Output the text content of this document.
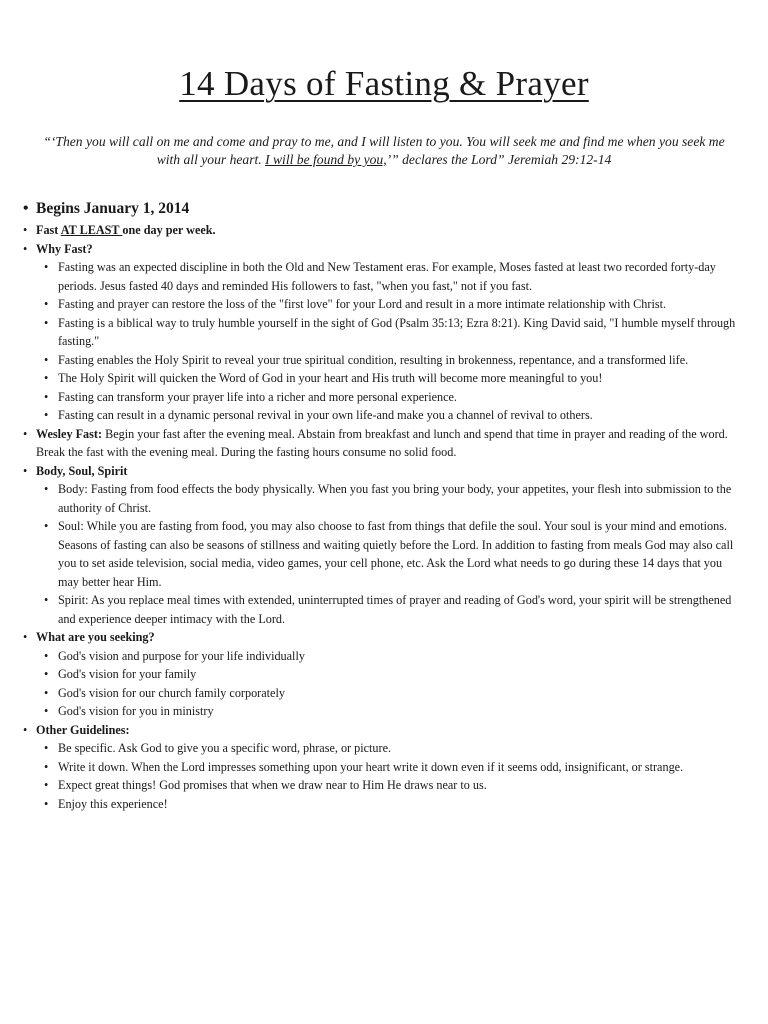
14 Days of Fasting & Prayer
“‘Then you will call on me and come and pray to me, and I will listen to you. You will seek me and find me when you seek me with all your heart. I will be found by you,’” declares the Lord” Jeremiah 29:12-14
• Begins January 1, 2014
• Fast AT LEAST one day per week.
• Why Fast?
• Fasting was an expected discipline in both the Old and New Testament eras. For example, Moses fasted at least two recorded forty-day periods. Jesus fasted 40 days and reminded His followers to fast, "when you fast," not if you fast.
• Fasting and prayer can restore the loss of the "first love" for your Lord and result in a more intimate relationship with Christ.
• Fasting is a biblical way to truly humble yourself in the sight of God (Psalm 35:13; Ezra 8:21). King David said, "I humble myself through fasting."
• Fasting enables the Holy Spirit to reveal your true spiritual condition, resulting in brokenness, repentance, and a transformed life.
• The Holy Spirit will quicken the Word of God in your heart and His truth will become more meaningful to you!
• Fasting can transform your prayer life into a richer and more personal experience.
• Fasting can result in a dynamic personal revival in your own life-and make you a channel of revival to others.
• Wesley Fast: Begin your fast after the evening meal. Abstain from breakfast and lunch and spend that time in prayer and reading of the word. Break the fast with the evening meal. During the fasting hours consume no solid food.
• Body, Soul, Spirit
• Body: Fasting from food effects the body physically. When you fast you bring your body, your appetites, your flesh into submission to the authority of Christ.
• Soul: While you are fasting from food, you may also choose to fast from things that defile the soul. Your soul is your mind and emotions. Seasons of fasting can also be seasons of stillness and waiting quietly before the Lord. In addition to fasting from meals God may also call you to set aside television, social media, video games, your cell phone, etc. Ask the Lord what needs to go during these 14 days that you may better hear Him.
• Spirit: As you replace meal times with extended, uninterrupted times of prayer and reading of God's word, your spirit will be strengthened and experience deeper intimacy with the Lord.
• What are you seeking?
• God's vision and purpose for your life individually
• God's vision for your family
• God's vision for our church family corporately
• God's vision for you in ministry
• Other Guidelines:
• Be specific. Ask God to give you a specific word, phrase, or picture.
• Write it down. When the Lord impresses something upon your heart write it down even if it seems odd, insignificant, or strange.
• Expect great things! God promises that when we draw near to Him He draws near to us.
• Enjoy this experience!
